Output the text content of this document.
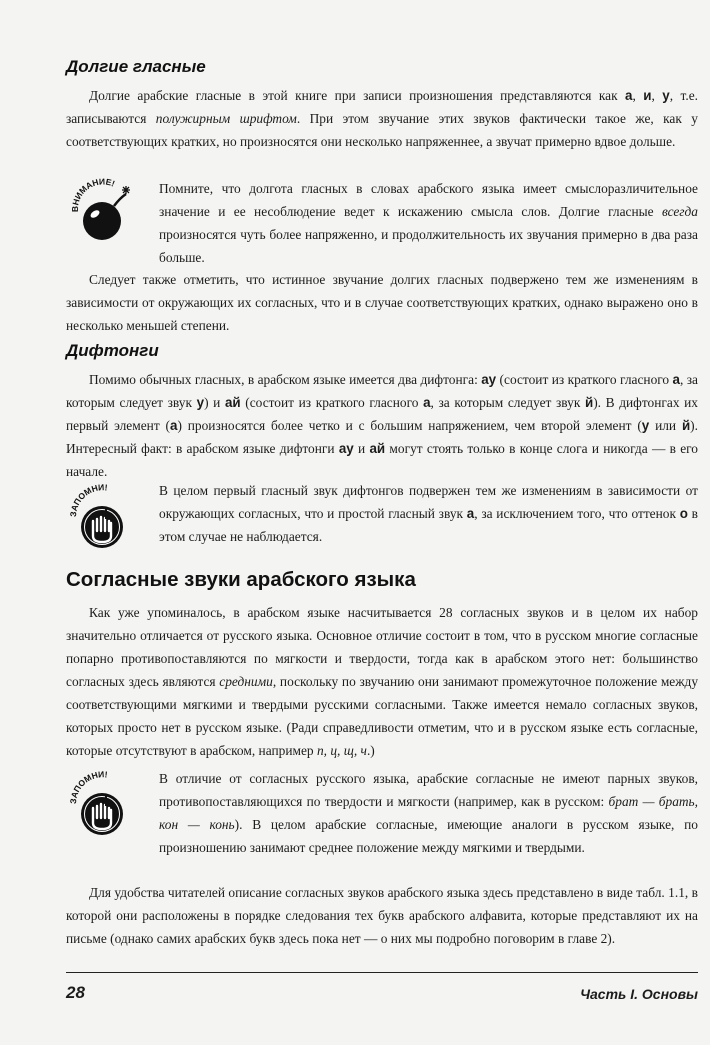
Долгие гласные

Долгие арабские гласные в этой книге при записи произношения представляются как а, и, у, т.е. записываются полужирным шрифтом. При этом звучание этих звуков фактически такое же, как у соответствующих кратких, но произносятся они несколько напряженнее, а звучат примерно вдвое дольше.

ВНИМАНИЕ!	Помните, что долгота гласных в словах арабского языка имеет смыслоразличительное значение и ее несоблюдение ведет к искажению смысла слов. Долгие гласные всегда произносятся чуть более напряженно, и продолжительность их звучания примерно в два раза больше.

Следует также отметить, что истинное звучание долгих гласных подвержено тем же изменениям в зависимости от окружающих их согласных, что и в случае соответствующих кратких, однако выражено оно в несколько меньшей степени.

Дифтонги

Помимо обычных гласных, в арабском языке имеется два дифтонга: ау (состоит из краткого гласного а, за которым следует звук у) и ай (состоит из краткого гласного а, за которым следует звук й). В дифтонгах их первый элемент (а) произносятся более четко и с большим напряжением, чем второй элемент (у или й). Интересный факт: в арабском языке дифтонги ау и ай могут стоять только в конце слога и никогда — в его начале.

ЗАПОМНИ!	В целом первый гласный звук дифтонгов подвержен тем же изменениям в зависимости от окружающих согласных, что и простой гласный звук а, за исключением того, что оттенок о в этом случае не наблюдается.

Согласные звуки арабского языка

Как уже упоминалось, в арабском языке насчитывается 28 согласных звуков и в целом их набор значительно отличается от русского языка. Основное отличие состоит в том, что в русском многие согласные попарно противопоставляются по мягкости и твердости, тогда как в арабском этого нет: большинство согласных здесь являются средними, поскольку по звучанию они занимают промежуточное положение между соответствующими мягкими и твердыми русскими согласными. Также имеется немало согласных звуков, которых просто нет в русском языке. (Ради справедливости отметим, что и в русском языке есть согласные, которые отсутствуют в арабском, например п, ц, щ, ч.)

ЗАПОМНИ!	В отличие от согласных русского языка, арабские согласные не имеют парных звуков, противопоставляющихся по твердости и мягкости (например, как в русском: брат — брать, кон — конь). В целом арабские согласные, имеющие аналоги в русском языке, по произношению занимают среднее положение между мягкими и твердыми.

Для удобства читателей описание согласных звуков арабского языка здесь представлено в виде табл. 1.1, в которой они расположены в порядке следования тех букв арабского алфавита, которые представляют их на письме (однако самих арабских букв здесь пока нет — о них мы подробно поговорим в главе 2).

28	Часть I. Основы
